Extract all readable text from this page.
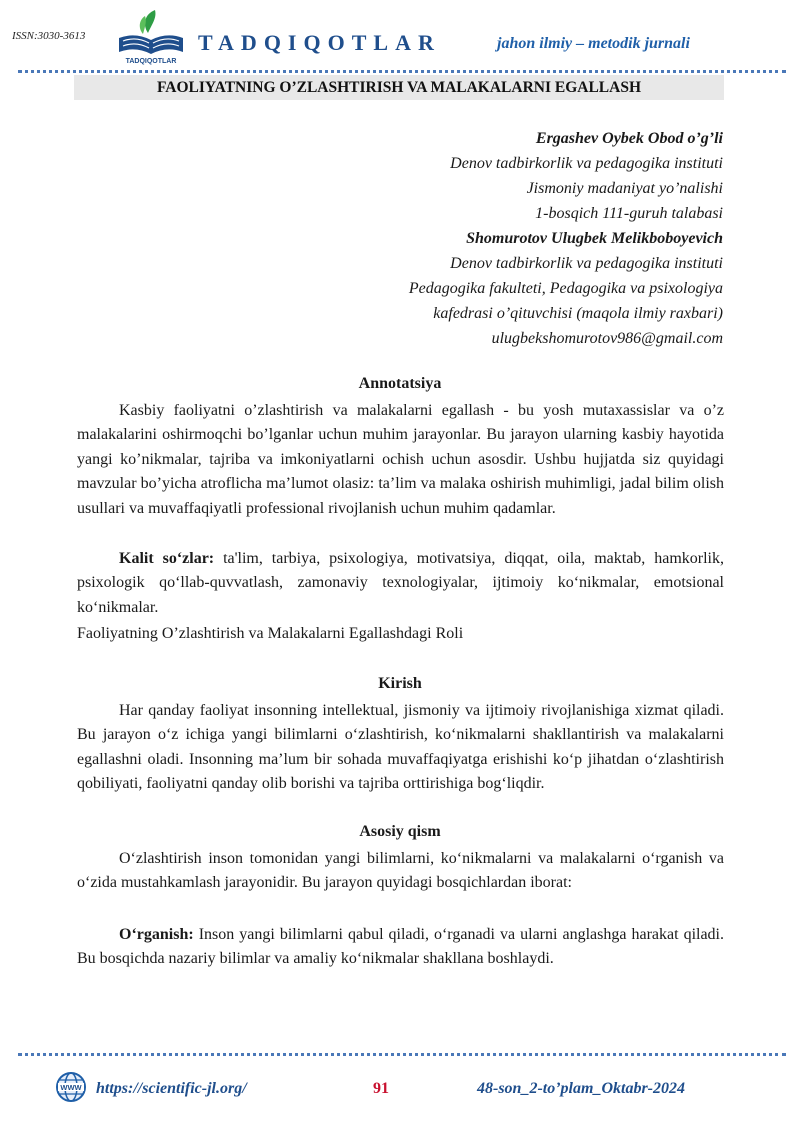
ISSN:3030-3613
TADQIQOTLAR
TADQIQOTLAR	jahon ilmiy – metodik jurnali
FAOLIYATNING O’ZLASHTIRISH VA MALAKALARNI EGALLASH
Ergashev Oybek Obod o’g’li
Denov tadbirkorlik va pedagogika instituti
Jismoniy madaniyat yo’nalishi
1-bosqich 111-guruh talabasi
Shomurotov Ulugbek Melikboboyevich
Denov tadbirkorlik va pedagogika instituti
Pedagogika fakulteti, Pedagogika va psixologiya
kafedrasi o’qituvchisi (maqola ilmiy raxbari)
ulugbekshomurotov986@gmail.com
Annotatsiya
Kasbiy faoliyatni o’zlashtirish va malakalarni egallash - bu yosh mutaxassislar va o’z malakalarini oshirmoqchi bo’lganlar uchun muhim jarayonlar. Bu jarayon ularning kasbiy hayotida yangi ko’nikmalar, tajriba va imkoniyatlarni ochish uchun asosdir. Ushbu hujjatda siz quyidagi mavzular bo’yicha atroflicha ma’lumot olasiz: ta’lim va malaka oshirish muhimligi, jadal bilim olish usullari va muvaffaqiyatli professional rivojlanish uchun muhim qadamlar.
Kalit so‘zlar: ta'lim, tarbiya, psixologiya, motivatsiya, diqqat, oila, maktab, hamkorlik, psixologik qo‘llab-quvvatlash, zamonaviy texnologiyalar, ijtimoiy ko‘nikmalar, emotsional ko‘nikmalar.
Faoliyatning O’zlashtirish va Malakalarni Egallashdagi Roli
Kirish
Har qanday faoliyat insonning intellektual, jismoniy va ijtimoiy rivojlanishiga xizmat qiladi. Bu jarayon o‘z ichiga yangi bilimlarni o‘zlashtirish, ko‘nikmalarni shakllantirish va malakalarni egallashni oladi. Insonning ma’lum bir sohada muvaffaqiyatga erishishi ko‘p jihatdan o‘zlashtirish qobiliyati, faoliyatni qanday olib borishi va tajriba orttirishiga bog‘liqdir.
Asosiy qism
O‘zlashtirish inson tomonidan yangi bilimlarni, ko‘nikmalarni va malakalarni o‘rganish va o‘zida mustahkamlash jarayonidir. Bu jarayon quyidagi bosqichlardan iborat:
O‘rganish: Inson yangi bilimlarni qabul qiladi, o‘rganadi va ularni anglashga harakat qiladi. Bu bosqichda nazariy bilimlar va amaliy ko‘nikmalar shakllana boshlaydi.
WWW https://scientific-jl.org/	91	48-son_2-to’plam_Oktabr-2024
